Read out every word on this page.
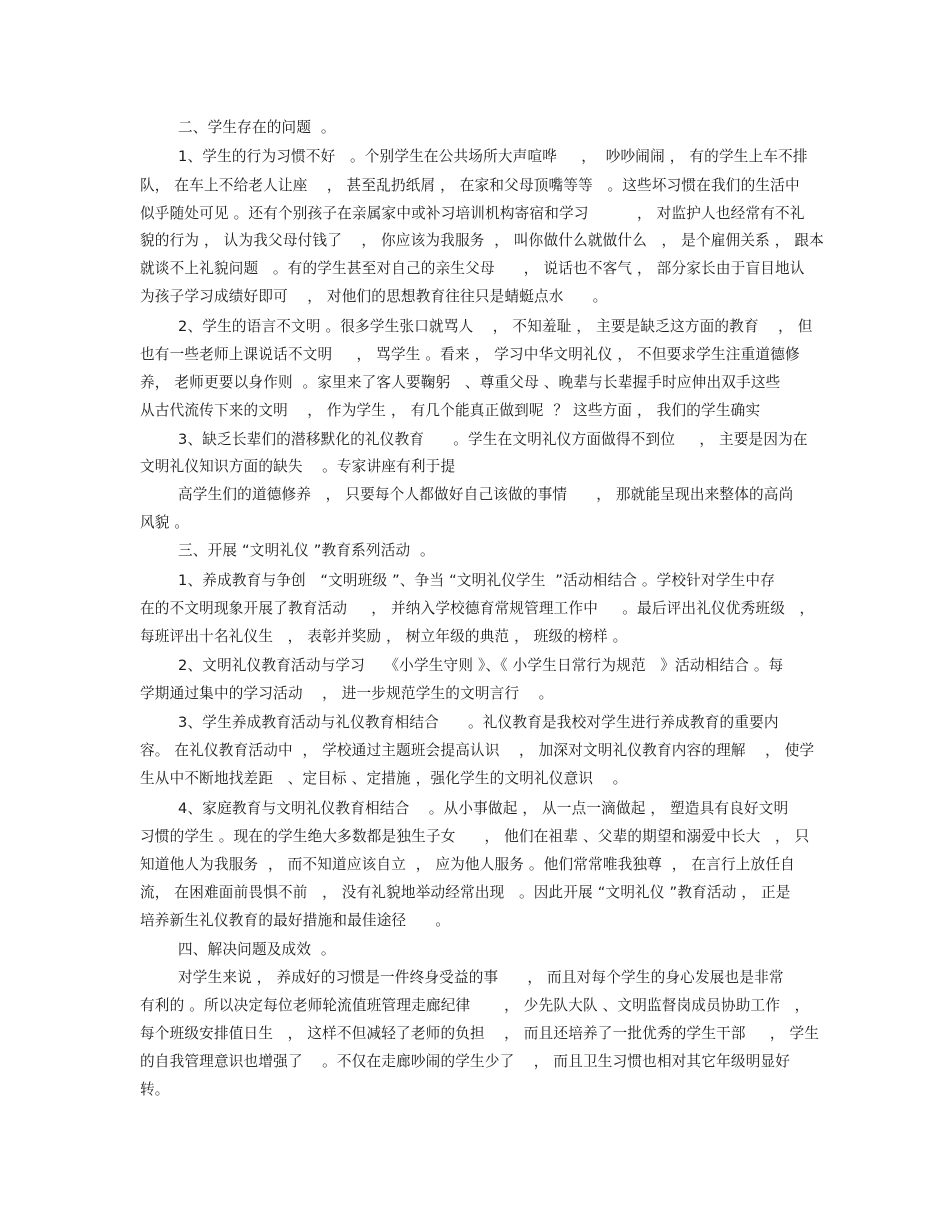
二、学生存在的问题  。

1、学生的行为习惯不好   。个别学生在公共场所大声喧哗     ，  吵吵闹闹 ， 有的学生上车不排

队， 在车上不给老人让座    ， 甚至乱扔纸屑 ， 在家和父母顶嘴等等   。这些坏习惯在我们的生活中

似乎随处可见 。还有个别孩子在亲属家中或补习培训机构寄宿和学习          ， 对监护人也经常有不礼

貌的行为 ， 认为我父母付钱了    ， 你应该为我服务  ， 叫你做什么就做什么   ， 是个雇佣关系 ， 跟本

就谈不上礼貌问题   。有的学生甚至对自己的亲生父母      ， 说话也不客气 ， 部分家长由于盲目地认

为孩子学习成绩好即可    ， 对他们的思想教育往往只是蜻蜓点水      。

2、学生的语言不文明 。很多学生张口就骂人    ， 不知羞耻 ， 主要是缺乏这方面的教育    ， 但

也有一些老师上课说话不文明     ， 骂学生 。看来 ， 学习中华文明礼仪 ， 不但要求学生注重道德修

养， 老师更要以身作则  。家里来了客人要鞠躬   、尊重父母 、晚辈与长辈握手时应伸出双手这些

从古代流传下来的文明    ， 作为学生 ， 有几个能真正做到呢  ？ 这些方面 ， 我们的学生确实

3、缺乏长辈们的潜移默化的礼仪教育      。学生在文明礼仪方面做得不到位     ， 主要是因为在

文明礼仪知识方面的缺失    。专家讲座有利于提

高学生们的道德修养   ， 只要每个人都做好自己该做的事情      ， 那就能呈现出来整体的高尚

风貌 。

三、开展 “文明礼仪 ”教育系列活动  。

1、养成教育与争创   “文明班级 ”、争当 “文明礼仪学生  ”活动相结合 。学校针对学生中存

在的不文明现象开展了教育活动     ， 并纳入学校德育常规管理工作中     。最后评出礼仪优秀班级   ，

每班评出十名礼仪生   ， 表彰并奖励 ， 树立年级的典范 ， 班级的榜样 。

2、文明礼仪教育活动与学习    《小学生守则 》、《 小学生日常行为规范   》活动相结合 。每

学期通过集中的学习活动    ， 进一步规范学生的文明言行    。

3、学生养成教育活动与礼仪教育相结合      。礼仪教育是我校对学生进行养成教育的重要内

容。 在礼仪教育活动中  ， 学校通过主题班会提高认识    ， 加深对文明礼仪教育内容的理解    ， 使学

生从中不断地找差距   、定目标 、定措施 ，强化学生的文明礼仪意识    。

4、家庭教育与文明礼仪教育相结合    。从小事做起 ， 从一点一滴做起 ， 塑造具有良好文明

习惯的学生 。现在的学生绝大多数都是独生子女      ， 他们在祖辈 、父辈的期望和溺爱中长大   ， 只

知道他人为我服务  ， 而不知道应该自立  ， 应为他人服务 。他们常常唯我独尊  ， 在言行上放任自

流， 在困难面前畏惧不前   ， 没有礼貌地举动经常出现   。因此开展 “文明礼仪 ”教育活动 ， 正是

培养新生礼仪教育的最好措施和最佳途径      。

四、解决问题及成效  。

对学生来说 ， 养成好的习惯是一件终身受益的事      ， 而且对每个学生的身心发展也是非常

有利的 。所以决定每位老师轮流值班管理走廊纪律       ， 少先队大队 、文明监督岗成员协助工作   ，

每个班级安排值日生   ， 这样不但减轻了老师的负担    ， 而且还培养了一批优秀的学生干部     ， 学生

的自我管理意识也增强了    。不仅在走廊吵闹的学生少了    ， 而且卫生习惯也相对其它年级明显好

转。
